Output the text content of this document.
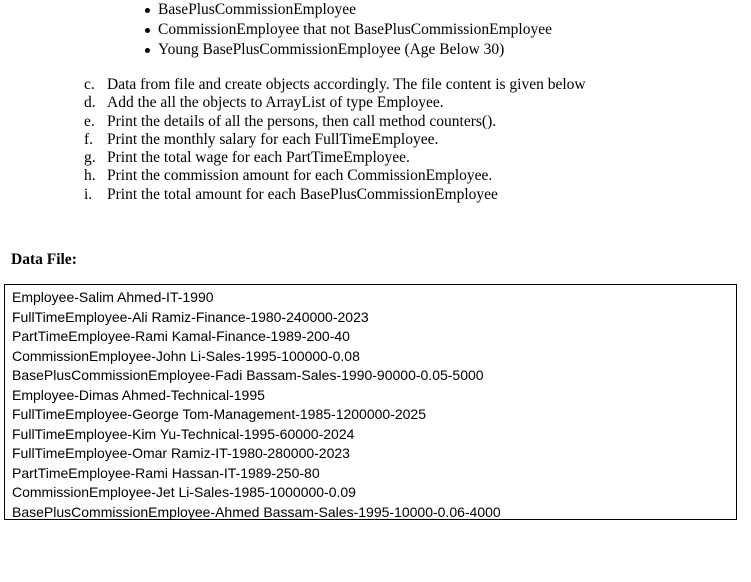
BasePlusCommissionEmployee
CommissionEmployee that not BasePlusCommissionEmployee
Young BasePlusCommissionEmployee (Age Below 30)
c. Data from file and create objects accordingly. The file content is given below
d. Add the all the objects to ArrayList of type Employee.
e. Print the details of all the persons, then call method counters().
f. Print the monthly salary for each FullTimeEmployee.
g. Print the total wage for each PartTimeEmployee.
h. Print the commission amount for each CommissionEmployee.
i. Print the total amount for each BasePlusCommissionEmployee
Data File:
Employee-Salim Ahmed-IT-1990
FullTimeEmployee-Ali Ramiz-Finance-1980-240000-2023
PartTimeEmployee-Rami Kamal-Finance-1989-200-40
CommissionEmployee-John Li-Sales-1995-100000-0.08
BasePlusCommissionEmployee-Fadi Bassam-Sales-1990-90000-0.05-5000
Employee-Dimas Ahmed-Technical-1995
FullTimeEmployee-George Tom-Management-1985-1200000-2025
FullTimeEmployee-Kim Yu-Technical-1995-60000-2024
FullTimeEmployee-Omar Ramiz-IT-1980-280000-2023
PartTimeEmployee-Rami Hassan-IT-1989-250-80
CommissionEmployee-Jet Li-Sales-1985-1000000-0.09
BasePlusCommissionEmployee-Ahmed Bassam-Sales-1995-10000-0.06-4000
